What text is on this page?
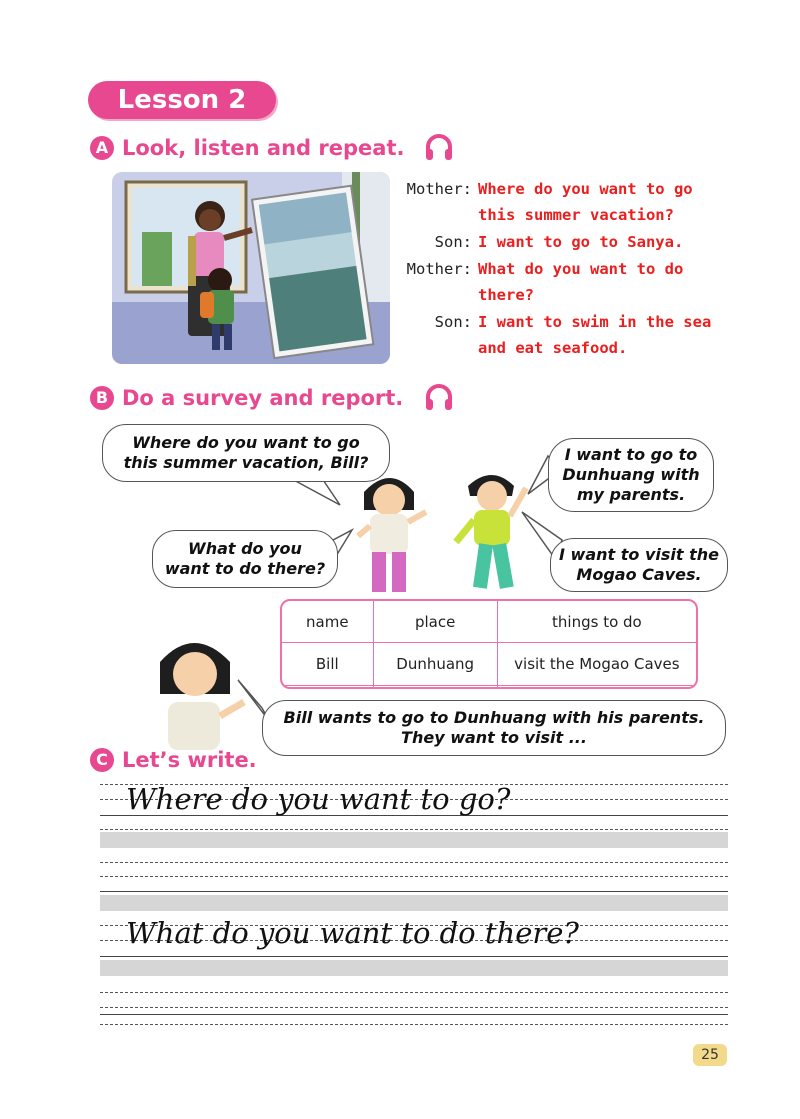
Lesson 2
A Look, listen and repeat.
Mother: Where do you want to go
this summer vacation?
Son: I want to go to Sanya.
Mother: What do you want to do
there?
Son: I want to swim in the sea
and eat seafood.
B Do a survey and report.
Where do you want to go
this summer vacation, Bill?	I want to go to
Dunhuang with
my parents.
What do you
want to do there?
I want to visit the
Mogao Caves.
name	place	things to do
Bill	Dunhuang	visit the Mogao Caves

Bill wants to go to Dunhuang with his parents.
They want to visit ...
C Let’s write.
Where do you want to go?
What do you want to do there?
25
